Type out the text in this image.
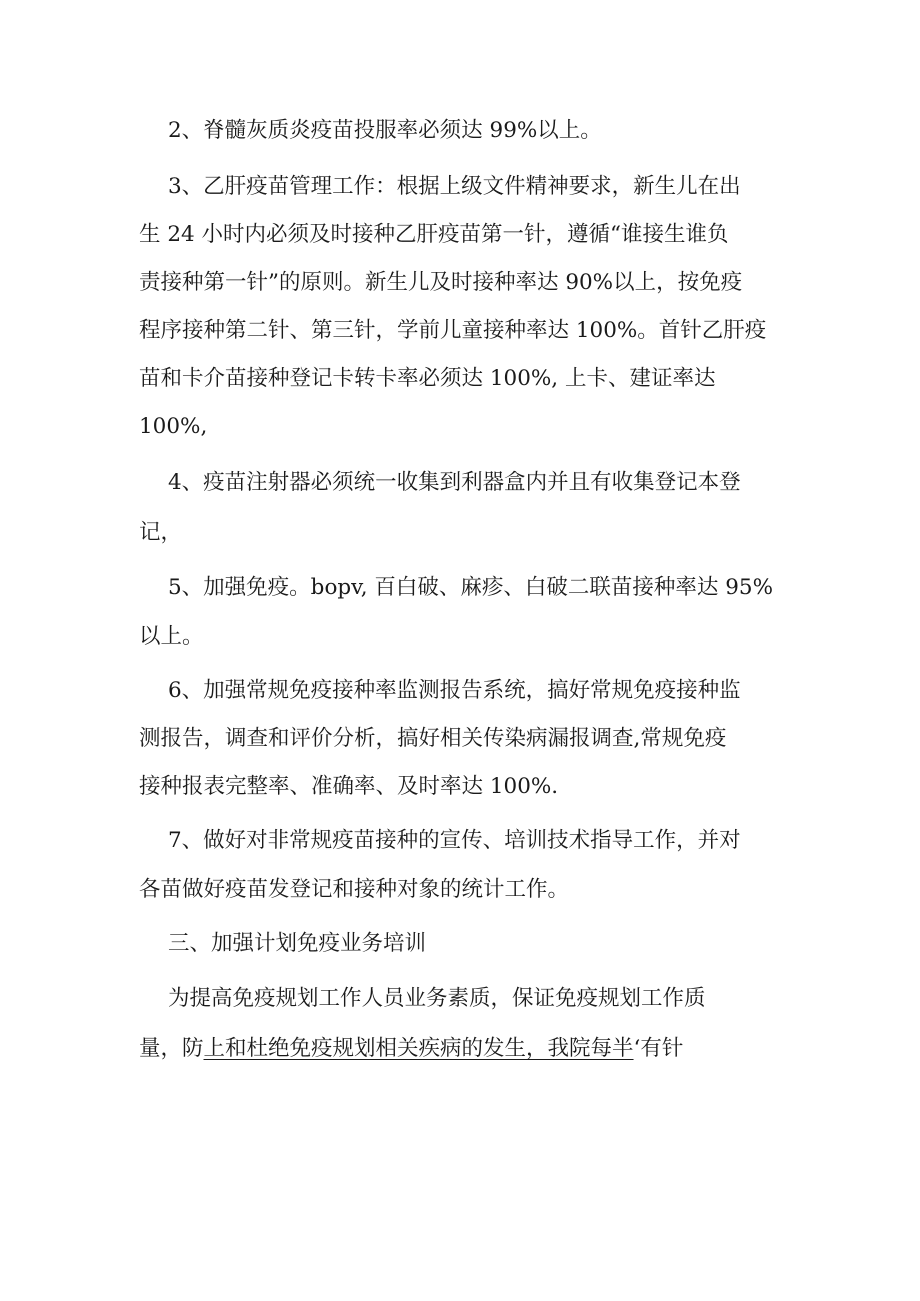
2、脊髓灰质炎疫苗投服率必须达 99%以上。

3、乙肝疫苗管理工作：根据上级文件精神要求，新生儿在出

生 24 小时内必须及时接种乙肝疫苗第一针，遵循“谁接生谁负

责接种第一针”的原则。新生儿及时接种率达 90%以上，按免疫

程序接种第二针、第三针，学前儿童接种率达 100%。首针乙肝疫

苗和卡介苗接种登记卡转卡率必须达 100%, 上卡、建证率达

100%,

4、疫苗注射器必须统一收集到利器盒内并且有收集登记本登

记，

5、加强免疫。bopv, 百白破、麻疹、白破二联苗接种率达 95%

以上。

6、加强常规免疫接种率监测报告系统，搞好常规免疫接种监

测报告，调查和评价分析，搞好相关传染病漏报调查,常规免疫

接种报表完整率、准确率、及时率达 100%.

7、做好对非常规疫苗接种的宣传、培训技术指导工作，并对

各苗做好疫苗发登记和接种对象的统计工作。

三、加强计划免疫业务培训

为提高免疫规划工作人员业务素质，保证免疫规划工作质

量，防上和杜绝免疫规划相关疾病的发生，我院每半‘有针
